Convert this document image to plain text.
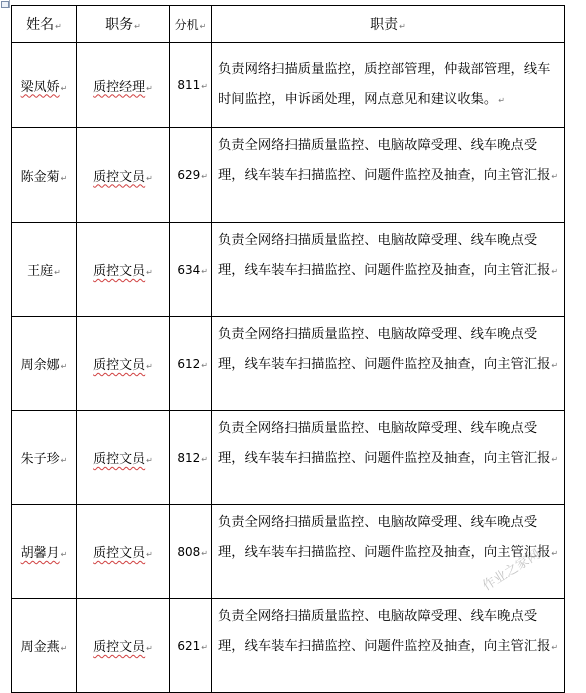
姓名↵	职务↵	分机↵	职责↵
梁凤娇↵	质控经理↵	811↵	负责网络扫描质量监控，质控部管理，仲裁部管理，线车时间监控，申诉函处理，网点意见和建议收集。↵
陈金菊↵	质控文员↵	629↵	负责全网络扫描质量监控、电脑故障受理、线车晚点受理，线车装车扫描监控、问题件监控及抽查，向主管汇报↵
王庭↵	质控文员↵	634↵	负责全网络扫描质量监控、电脑故障受理、线车晚点受理，线车装车扫描监控、问题件监控及抽查，向主管汇报↵
周余娜↵	质控文员↵	612↵	负责全网络扫描质量监控、电脑故障受理、线车晚点受理，线车装车扫描监控、问题件监控及抽查，向主管汇报↵
朱子珍↵	质控文员↵	812↵	负责全网络扫描质量监控、电脑故障受理、线车晚点受理，线车装车扫描监控、问题件监控及抽查，向主管汇报↵
胡馨月↵	质控文员↵	808↵	负责全网络扫描质量监控、电脑故障受理、线车晚点受理，线车装车扫描监控、问题件监控及抽查，向主管汇报↵
周金燕↵	质控文员↵	621↵	负责全网络扫描质量监控、电脑故障受理、线车晚点受理，线车装车扫描监控、问题件监控及抽查，向主管汇报↵
作业之家网
